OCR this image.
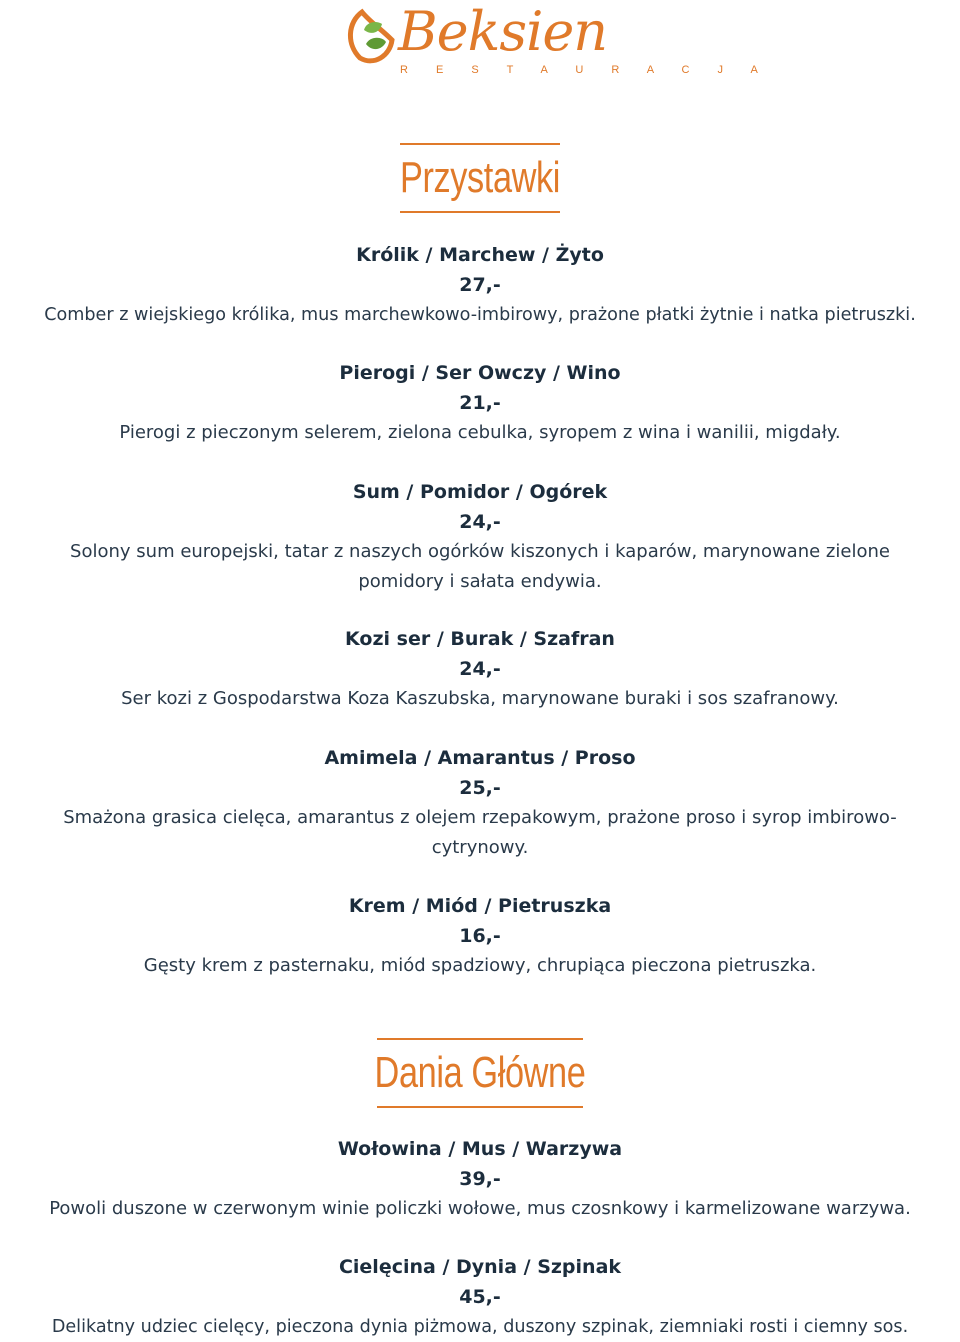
Beksien
R E S T A U R A C J A
Przystawki
Królik / Marchew / Żyto
27,-
Comber z wiejskiego królika, mus marchewkowo-imbirowy, prażone płatki żytnie i natka pietruszki.
Pierogi / Ser Owczy / Wino
21,-
Pierogi z pieczonym selerem, zielona cebulka, syropem z wina i wanilii, migdały.
Sum / Pomidor / Ogórek
24,-
Solony sum europejski, tatar z naszych ogórków kiszonych i kaparów, marynowane zielone pomidory i sałata endywia.
Kozi ser / Burak / Szafran
24,-
Ser kozi z Gospodarstwa Koza Kaszubska, marynowane buraki i sos szafranowy.
Amimela / Amarantus / Proso
25,-
Smażona grasica cielęca, amarantus z olejem rzepakowym, prażone proso i syrop imbirowo-cytrynowy.
Krem / Miód / Pietruszka
16,-
Gęsty krem z pasternaku, miód spadziowy, chrupiąca pieczona pietruszka.
Dania Główne
Wołowina / Mus / Warzywa
39,-
Powoli duszone w czerwonym winie policzki wołowe, mus czosnkowy i karmelizowane warzywa.
Cielęcina / Dynia / Szpinak
45,-
Delikatny udziec cielęcy, pieczona dynia piżmowa, duszony szpinak, ziemniaki rosti i ciemny sos.
